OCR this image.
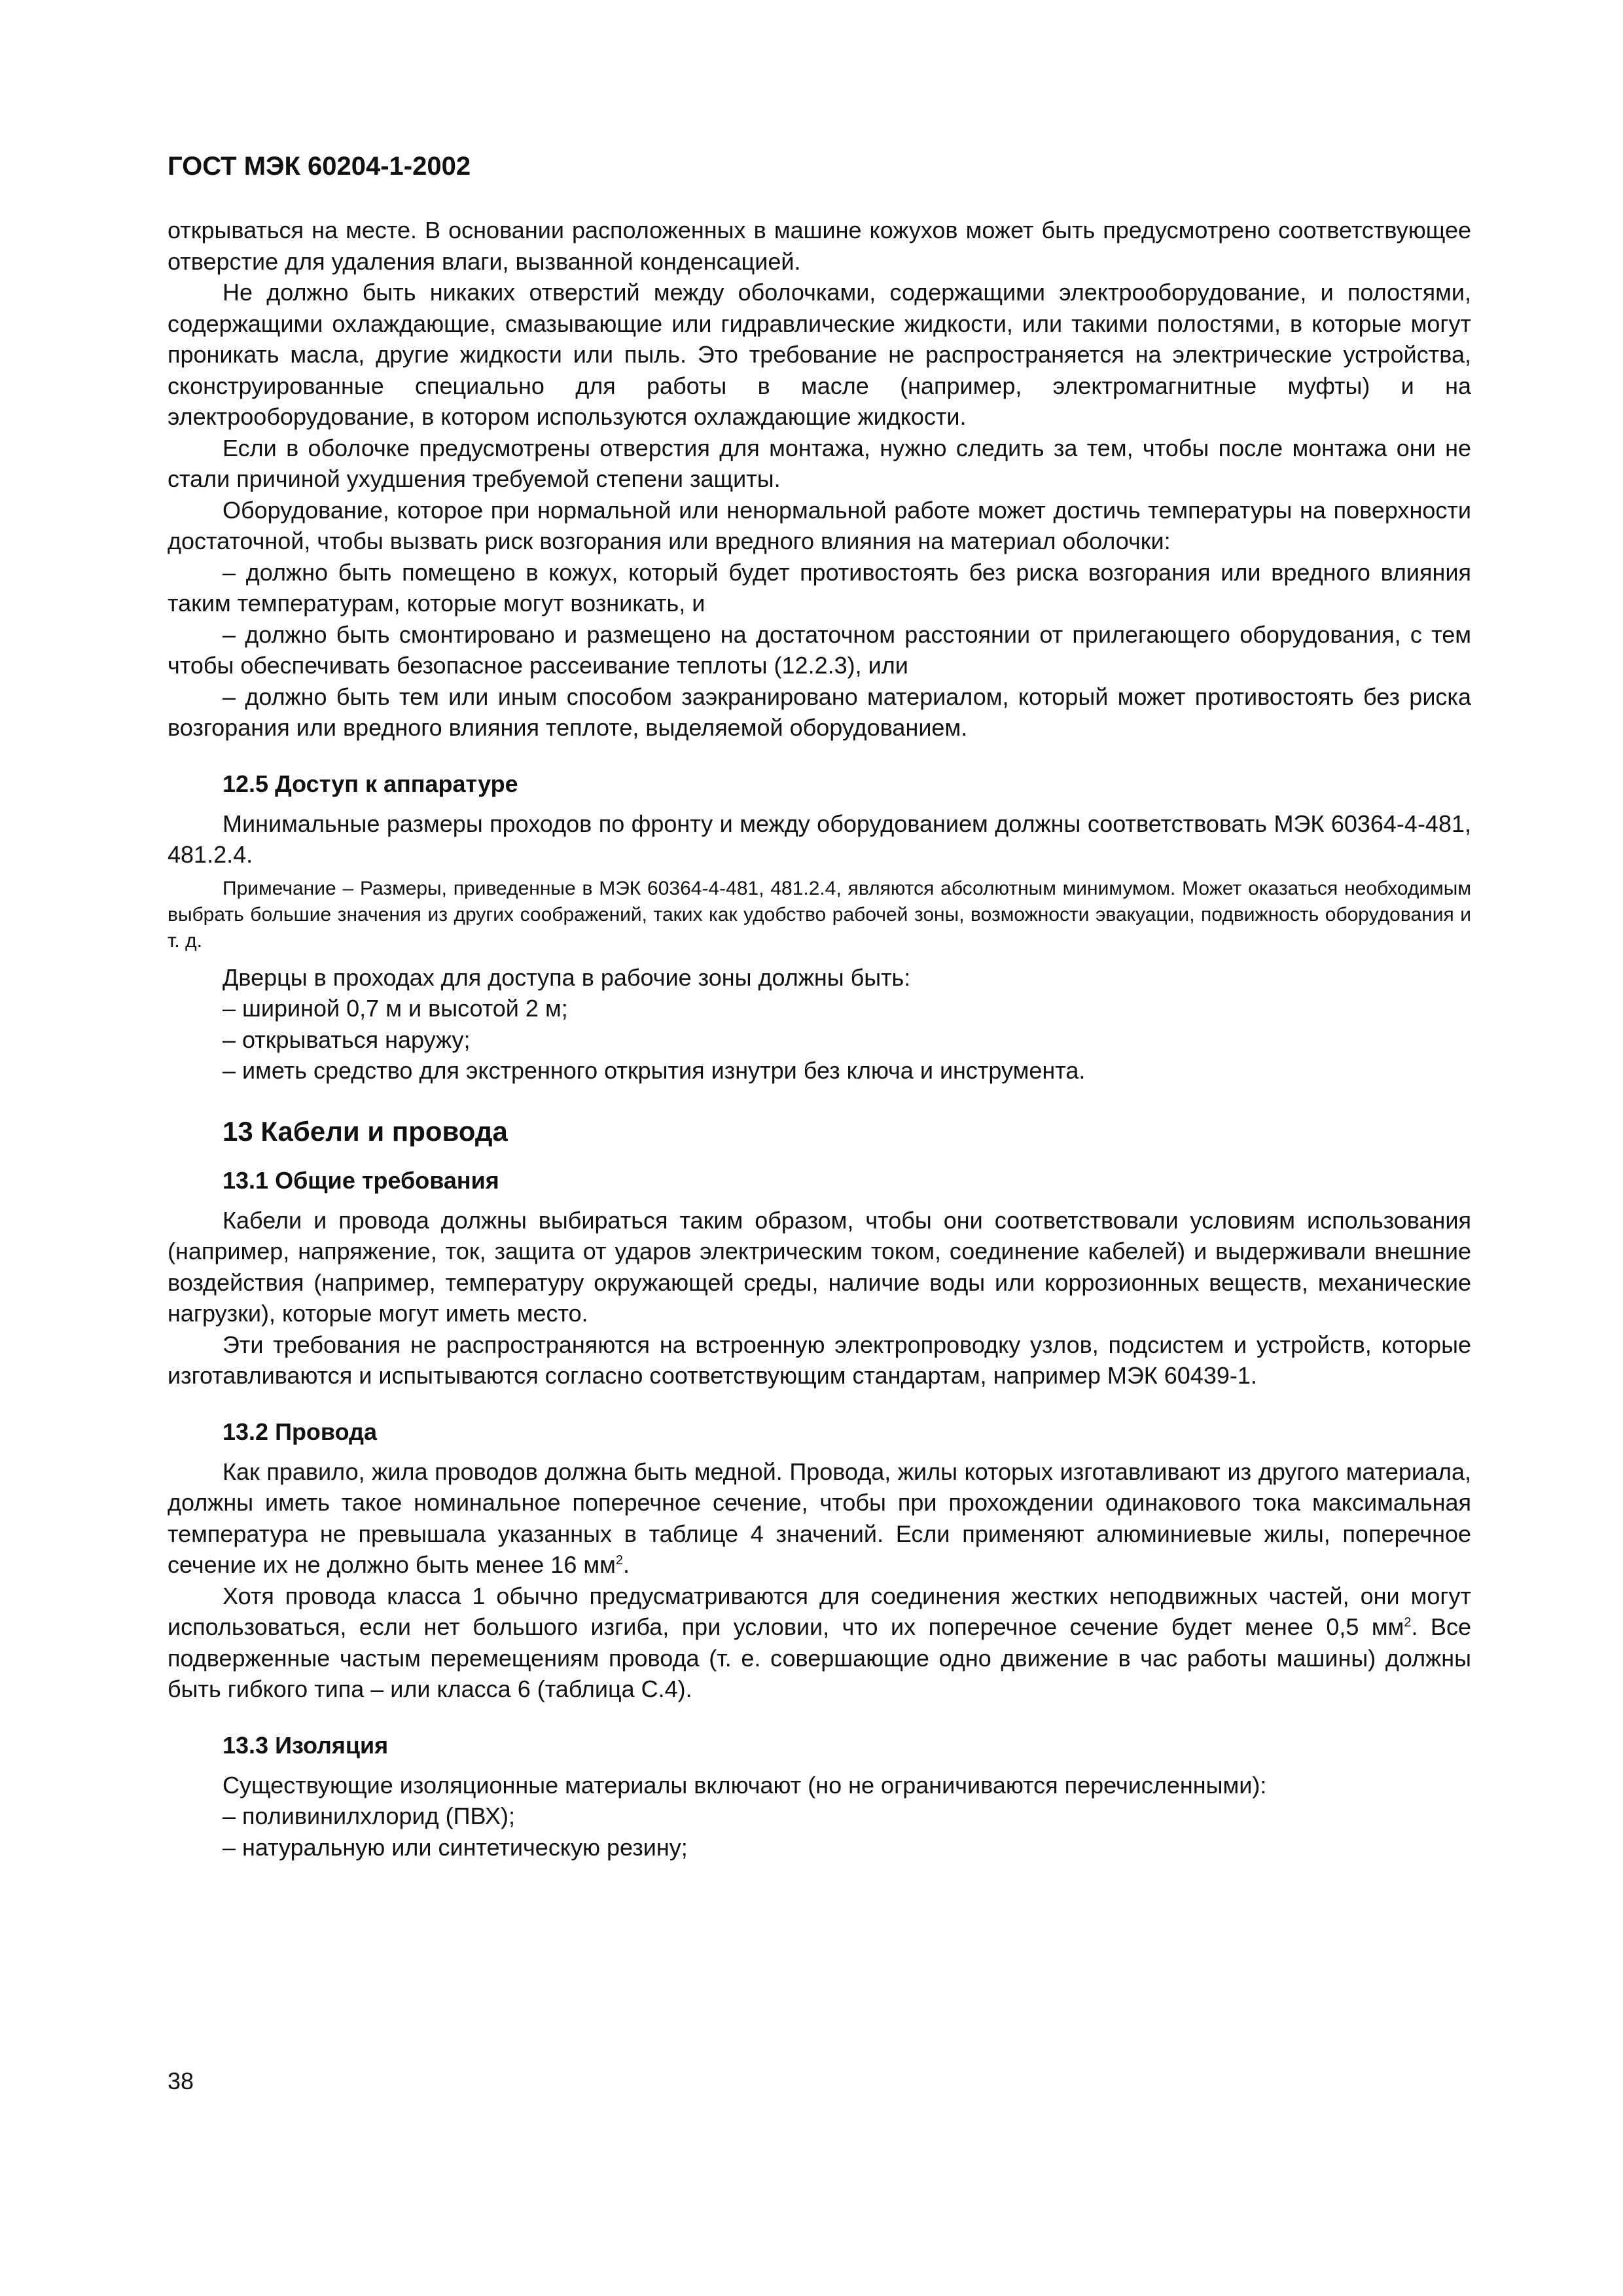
ГОСТ МЭК 60204-1-2002

открываться на месте. В основании расположенных в машине кожухов может быть предусмотрено соответствующее отверстие для удаления влаги, вызванной конденсацией.

Не должно быть никаких отверстий между оболочками, содержащими электрооборудование, и полостями, содержащими охлаждающие, смазывающие или гидравлические жидкости, или такими полостями, в которые могут проникать масла, другие жидкости или пыль. Это требование не распространяется на электрические устройства, сконструированные специально для работы в масле (например, электромагнитные муфты) и на электрооборудование, в котором используются охлаждающие жидкости.

Если в оболочке предусмотрены отверстия для монтажа, нужно следить за тем, чтобы после монтажа они не стали причиной ухудшения требуемой степени защиты.

Оборудование, которое при нормальной или ненормальной работе может достичь температуры на поверхности достаточной, чтобы вызвать риск возгорания или вредного влияния на материал оболочки:

– должно быть помещено в кожух, который будет противостоять без риска возгорания или вредного влияния таким температурам, которые могут возникать, и

– должно быть смонтировано и размещено на достаточном расстоянии от прилегающего оборудования, с тем чтобы обеспечивать безопасное рассеивание теплоты (12.2.3), или

– должно быть тем или иным способом заэкранировано материалом, который может противостоять без риска возгорания или вредного влияния теплоте, выделяемой оборудованием.

12.5 Доступ к аппаратуре

Минимальные размеры проходов по фронту и между оборудованием должны соответствовать МЭК 60364-4-481, 481.2.4.

Примечание – Размеры, приведенные в МЭК 60364-4-481, 481.2.4, являются абсолютным минимумом. Может оказаться необходимым выбрать большие значения из других соображений, таких как удобство рабочей зоны, возможности эвакуации, подвижность оборудования и т. д.

Дверцы в проходах для доступа в рабочие зоны должны быть:

– шириной 0,7 м и высотой 2 м;

– открываться наружу;

– иметь средство для экстренного открытия изнутри без ключа и инструмента.

13 Кабели и провода
13.1 Общие требования

Кабели и провода должны выбираться таким образом, чтобы они соответствовали условиям использования (например, напряжение, ток, защита от ударов электрическим током, соединение кабелей) и выдерживали внешние воздействия (например, температуру окружающей среды, наличие воды или коррозионных веществ, механические нагрузки), которые могут иметь место.

Эти требования не распространяются на встроенную электропроводку узлов, подсистем и устройств, которые изготавливаются и испытываются согласно соответствующим стандартам, например МЭК 60439-1.

13.2 Провода

Как правило, жила проводов должна быть медной. Провода, жилы которых изготавливают из другого материала, должны иметь такое номинальное поперечное сечение, чтобы при прохождении одинакового тока максимальная температура не превышала указанных в таблице 4 значений. Если применяют алюминиевые жилы, поперечное сечение их не должно быть менее 16 $мм^2$.

Хотя провода класса 1 обычно предусматриваются для соединения жестких неподвижных частей, они могут использоваться, если нет большого изгиба, при условии, что их поперечное сечение будет менее 0,5 $мм^2$. Все подверженные частым перемещениям провода (т. е. совершающие одно движение в час работы машины) должны быть гибкого типа – или класса 6 (таблица С.4).

13.3 Изоляция

Существующие изоляционные материалы включают (но не ограничиваются перечисленными):

– поливинилхлорид (ПВХ);

– натуральную или синтетическую резину;

38
